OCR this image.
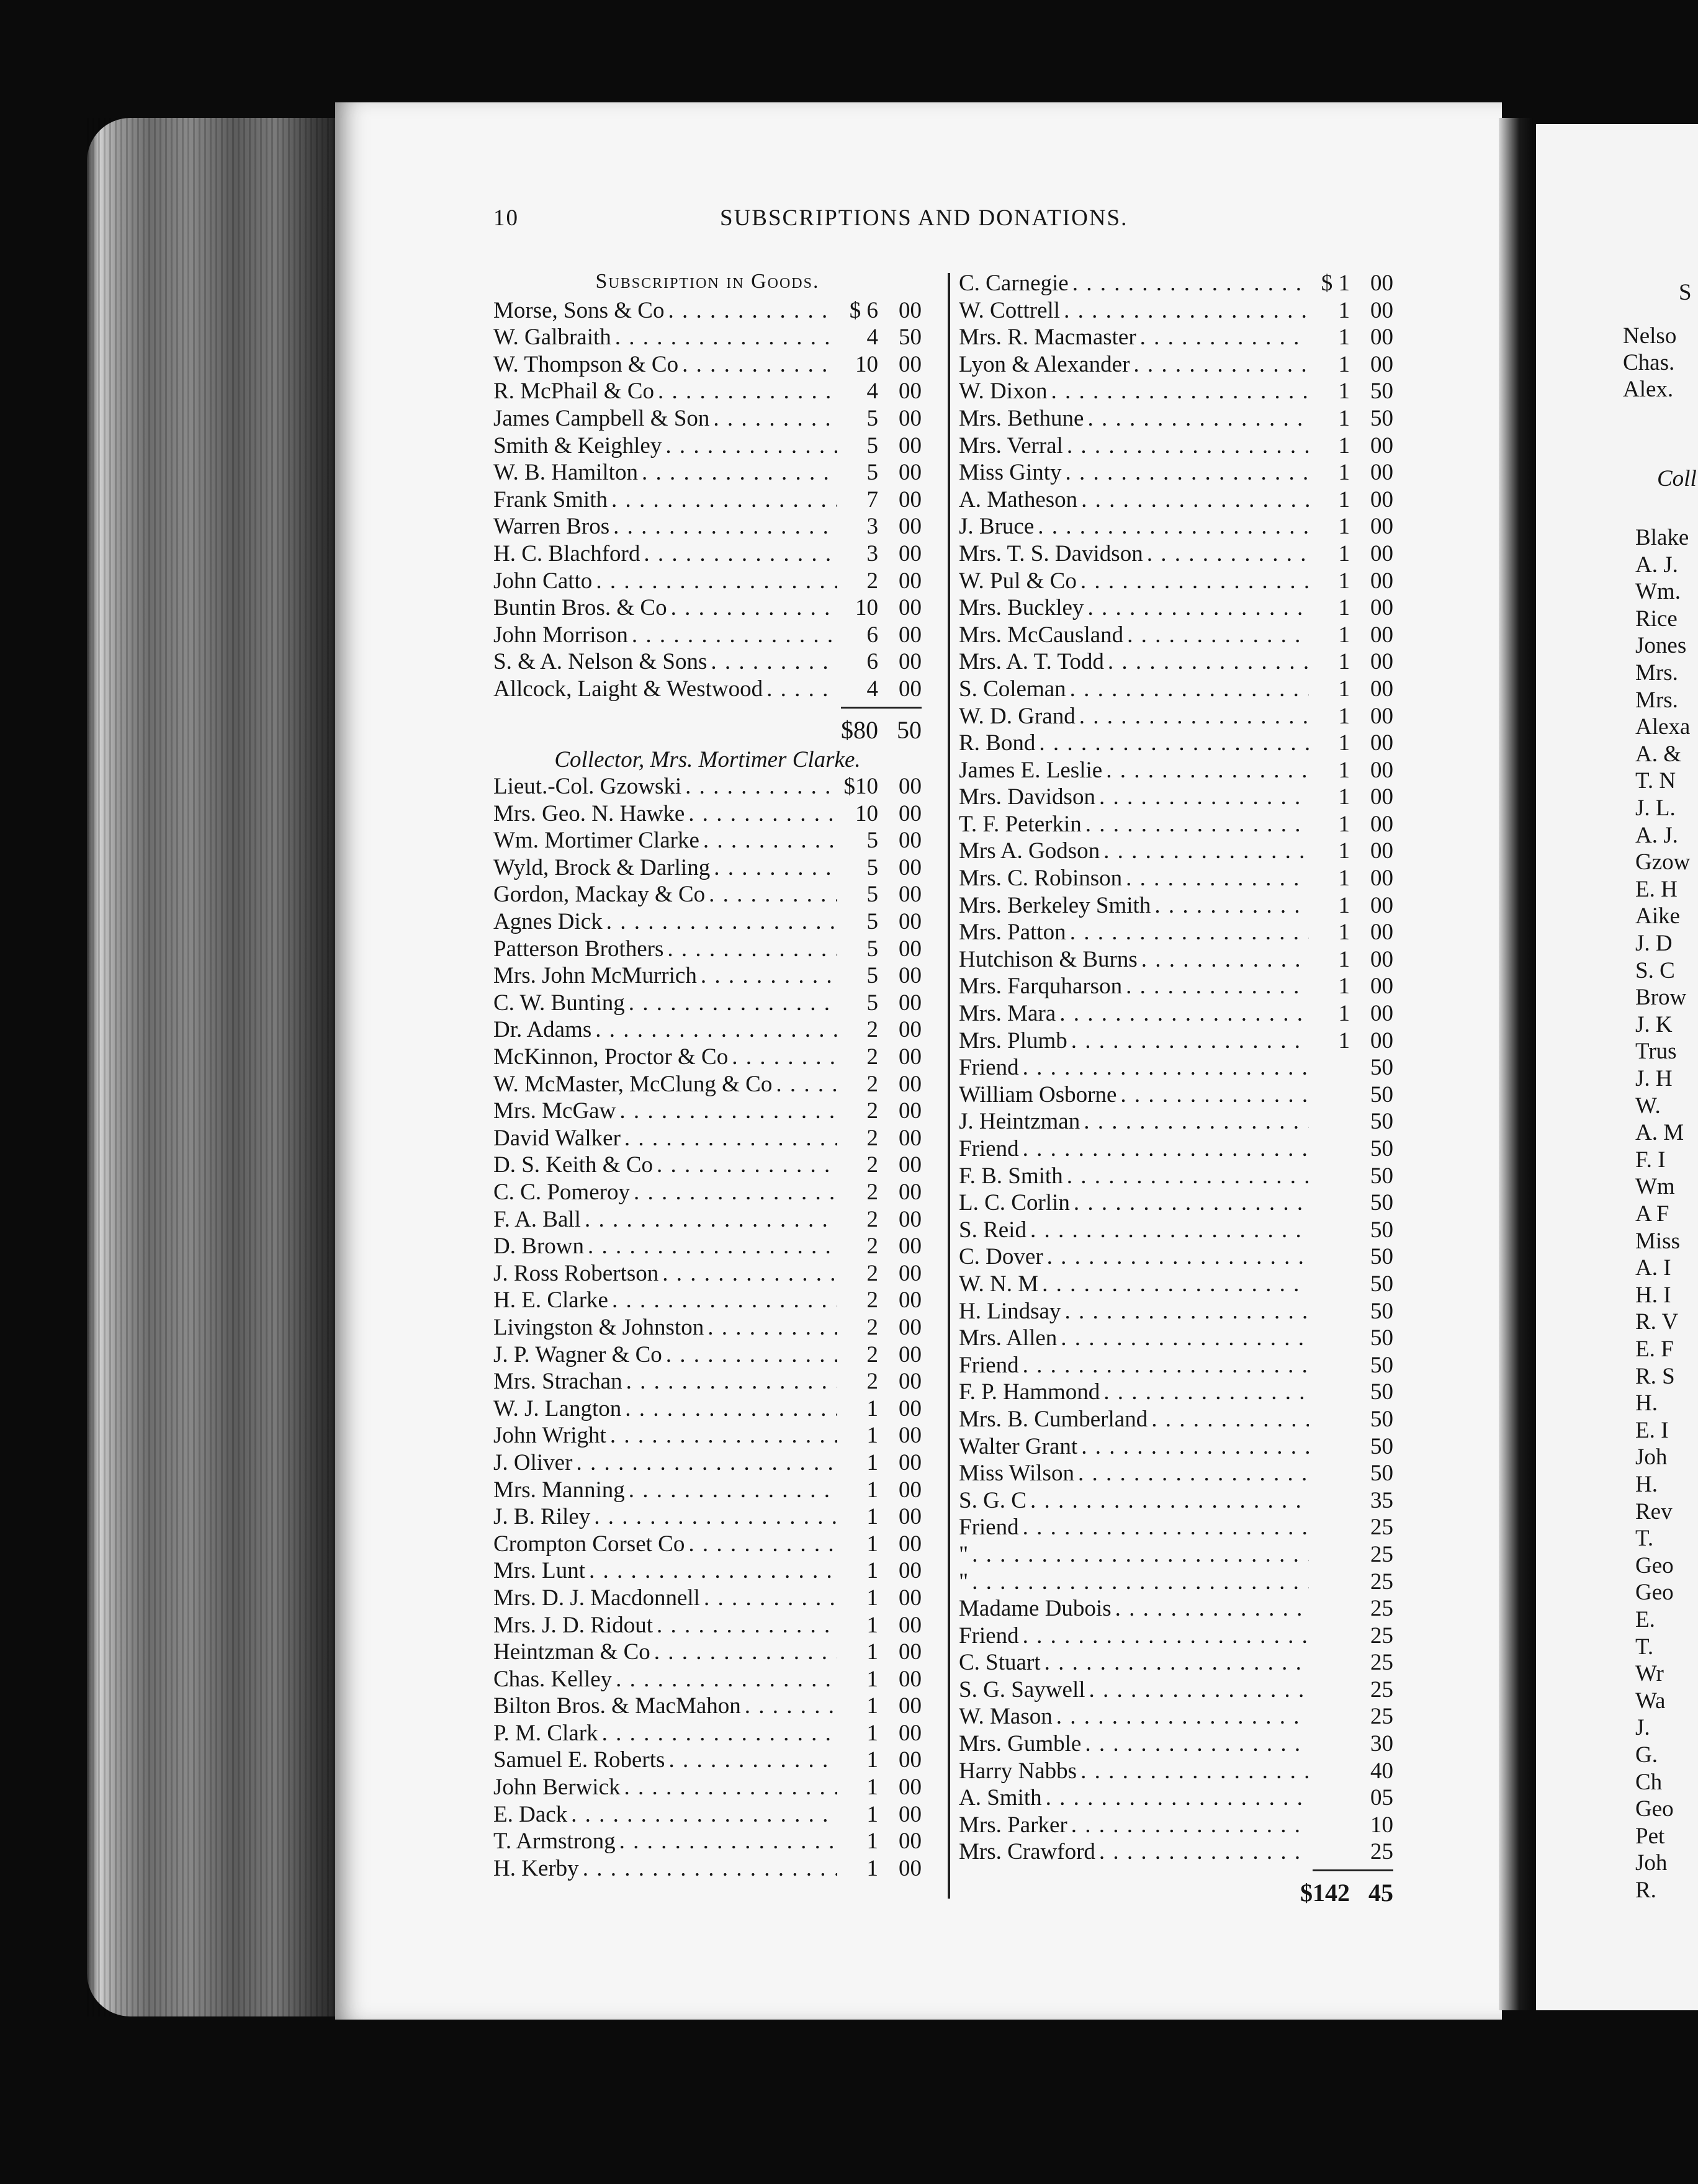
S
Nelso
Chas.
Alex.
Coll
Blake
A. J.
Wm.
Rice
Jones
Mrs.
Mrs.
Alexa
A. &
T. N
J. L.
A. J.
Gzow
E. H
Aike
J. D
S. C
Brow
J. K
Trus
J. H
W.
A. M
F. I
Wm
A F
Miss
A. I
H. I
R. V
E. F
R. S
H.
E. I
Joh
H.
Rev
T.
Geo
Geo
E.
T.
Wr
Wa
J.
G.
Ch
Geo
Pet
Joh
R.
10	SUBSCRIPTIONS AND DONATIONS.
Subscription in Goods.
Morse, Sons & Co . . .	$ 6 00
W. Galbraith . . .	4 50
W. Thompson & Co . . .	10 00
R. McPhail & Co . . .	4 00
James Campbell & Son . . .	5 00
Smith & Keighley . . .	5 00
W. B. Hamilton . . .	5 00
Frank Smith . . .	7 00
Warren Bros . . .	3 00
H. C. Blachford . . .	3 00
John Catto . . .	2 00
Buntin Bros. & Co . . .	10 00
John Morrison . . .	6 00
S. & A. Nelson & Sons . . .	6 00
Allcock, Laight & Westwood . . .	4 00
$80 50
Collector, Mrs. Mortimer Clarke.
Lieut.-Col. Gzowski . . .	$10 00
Mrs. Geo. N. Hawke . . .	10 00
Wm. Mortimer Clarke . . .	5 00
Wyld, Brock & Darling . . .	5 00
Gordon, Mackay & Co . . .	5 00
Agnes Dick . . .	5 00
Patterson Brothers . . .	5 00
Mrs. John McMurrich . . .	5 00
C. W. Bunting . . .	5 00
Dr. Adams . . .	2 00
McKinnon, Proctor & Co . . .	2 00
W. McMaster, McClung & Co . . .	2 00
Mrs. McGaw . . .	2 00
David Walker . . .	2 00
D. S. Keith & Co . . .	2 00
C. C. Pomeroy . . .	2 00
F. A. Ball . . .	2 00
D. Brown . . .	2 00
J. Ross Robertson . . .	2 00
H. E. Clarke . . .	2 00
Livingston & Johnston . . .	2 00
J. P. Wagner & Co . . .	2 00
Mrs. Strachan . . .	2 00
W. J. Langton . . .	1 00
John Wright . . .	1 00
J. Oliver . . .	1 00
Mrs. Manning . . .	1 00
J. B. Riley . . .	1 00
Crompton Corset Co . . .	1 00
Mrs. Lunt . . .	1 00
Mrs. D. J. Macdonnell . . .	1 00
Mrs. J. D. Ridout . . .	1 00
Heintzman & Co . . .	1 00
Chas. Kelley . . .	1 00
Bilton Bros. & MacMahon . . .	1 00
P. M. Clark . . .	1 00
Samuel E. Roberts . . .	1 00
John Berwick . . .	1 00
E. Dack . . .	1 00
T. Armstrong . . .	1 00
H. Kerby . . .	1 00
C. Carnegie . . .	$ 1 00
W. Cottrell . . .	1 00
Mrs. R. Macmaster . . .	1 00
Lyon & Alexander . . .	1 00
W. Dixon . . .	1 50
Mrs. Bethune . . .	1 50
Mrs. Verral . . .	1 00
Miss Ginty . . .	1 00
A. Matheson . . .	1 00
J. Bruce . . .	1 00
Mrs. T. S. Davidson . . .	1 00
W. Pul & Co . . .	1 00
Mrs. Buckley . . .	1 00
Mrs. McCausland . . .	1 00
Mrs. A. T. Todd . . .	1 00
S. Coleman . . .	1 00
W. D. Grand . . .	1 00
R. Bond . . .	1 00
James E. Leslie . . .	1 00
Mrs. Davidson . . .	1 00
T. F. Peterkin . . .	1 00
Mrs A. Godson . . .	1 00
Mrs. C. Robinson . . .	1 00
Mrs. Berkeley Smith . . .	1 00
Mrs. Patton . . .	1 00
Hutchison & Burns . . .	1 00
Mrs. Farquharson . . .	1 00
Mrs. Mara . . .	1 00
Mrs. Plumb . . .	1 00
Friend . . .	50
William Osborne . . .	50
J. Heintzman . . .	50
Friend . . .	50
F. B. Smith . . .	50
L. C. Corlin . . .	50
S. Reid . . .	50
C. Dover . . .	50
W. N. M . . .	50
H. Lindsay . . .	50
Mrs. Allen . . .	50
Friend . . .	50
F. P. Hammond . . .	50
Mrs. B. Cumberland . . .	50
Walter Grant . . .	50
Miss Wilson . . .	50
S. G. C . . .	35
Friend . . .	25
" . . .	25
" . . .	25
Madame Dubois . . .	25
Friend . . .	25
C. Stuart . . .	25
S. G. Saywell . . .	25
W. Mason . . .	25
Mrs. Gumble . . .	30
Harry Nabbs . . .	40
A. Smith . . .	05
Mrs. Parker . . .	10
Mrs. Crawford . . .	25
$142 45
